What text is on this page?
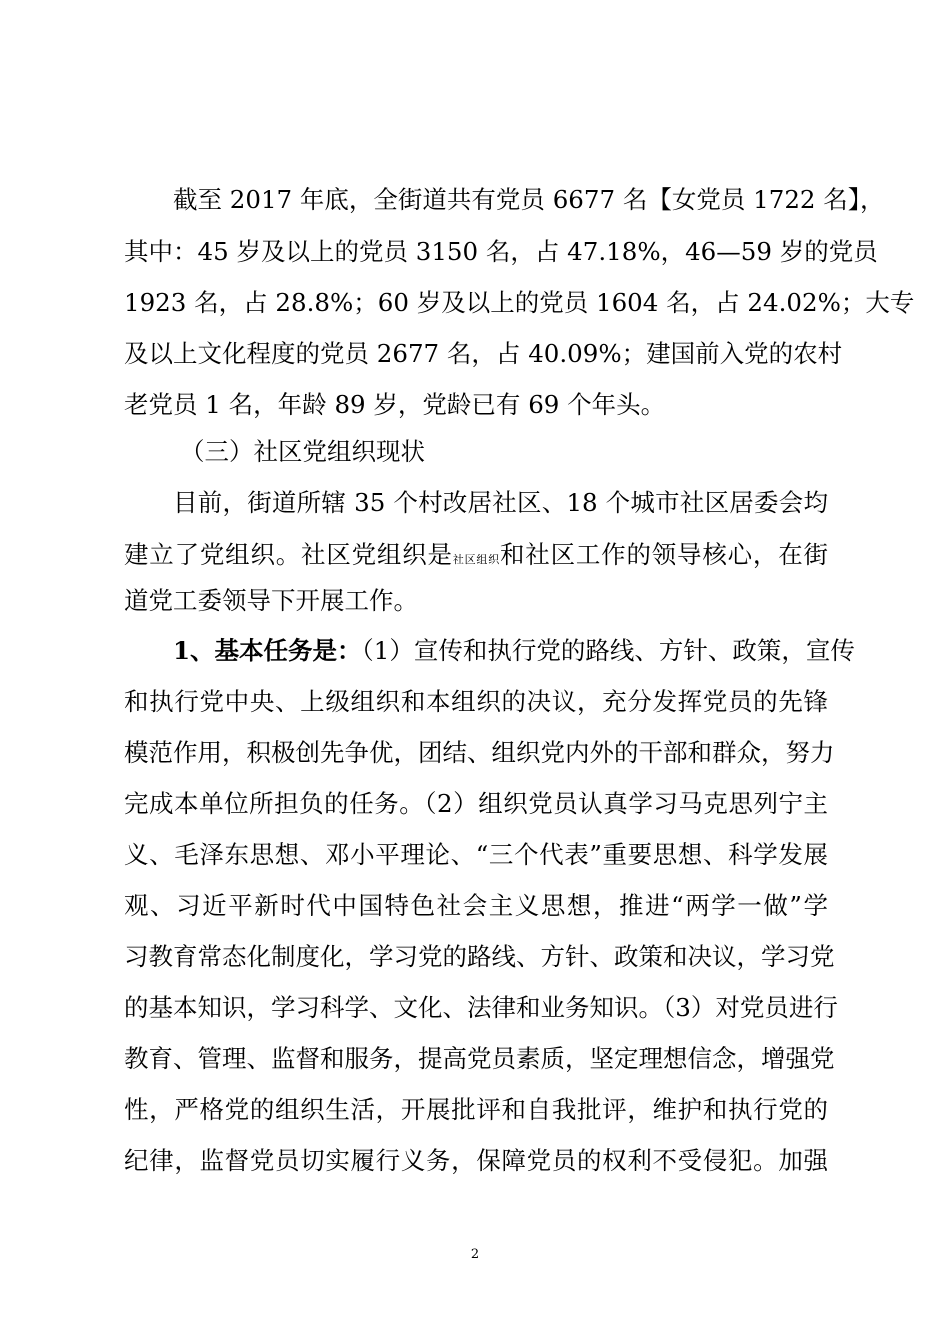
截至 2017 年底，全街道共有党员 6677 名【女党员 1722 名】，
其中：45 岁及以上的党员 3150 名，占 47.18%，46—59 岁的党员
1923 名，占 28.8%；60 岁及以上的党员 1604 名，占 24.02%；大专
及以上文化程度的党员 2677 名，占 40.09%；建国前入党的农村
老党员 1 名，年龄 89 岁，党龄已有 69 个年头。
（三）社区党组织现状
目前，街道所辖 35 个村改居社区、18 个城市社区居委会均
建立了党组织。社区党组织是社区组织和社区工作的领导核心，在街
道党工委领导下开展工作。
1、基本任务是：（1）宣传和执行党的路线、方针、政策，宣传
和执行党中央、上级组织和本组织的决议，充分发挥党员的先锋
模范作用，积极创先争优，团结、组织党内外的干部和群众，努力
完成本单位所担负的任务。（2）组织党员认真学习马克思列宁主
义、毛泽东思想、邓小平理论、“三个代表”重要思想、科学发展
观、习近平新时代中国特色社会主义思想，推进“两学一做”学
习教育常态化制度化，学习党的路线、方针、政策和决议，学习党
的基本知识，学习科学、文化、法律和业务知识。（3）对党员进行
教育、管理、监督和服务，提高党员素质，坚定理想信念，增强党
性，严格党的组织生活，开展批评和自我批评，维护和执行党的
纪律，监督党员切实履行义务，保障党员的权利不受侵犯。加强
2
